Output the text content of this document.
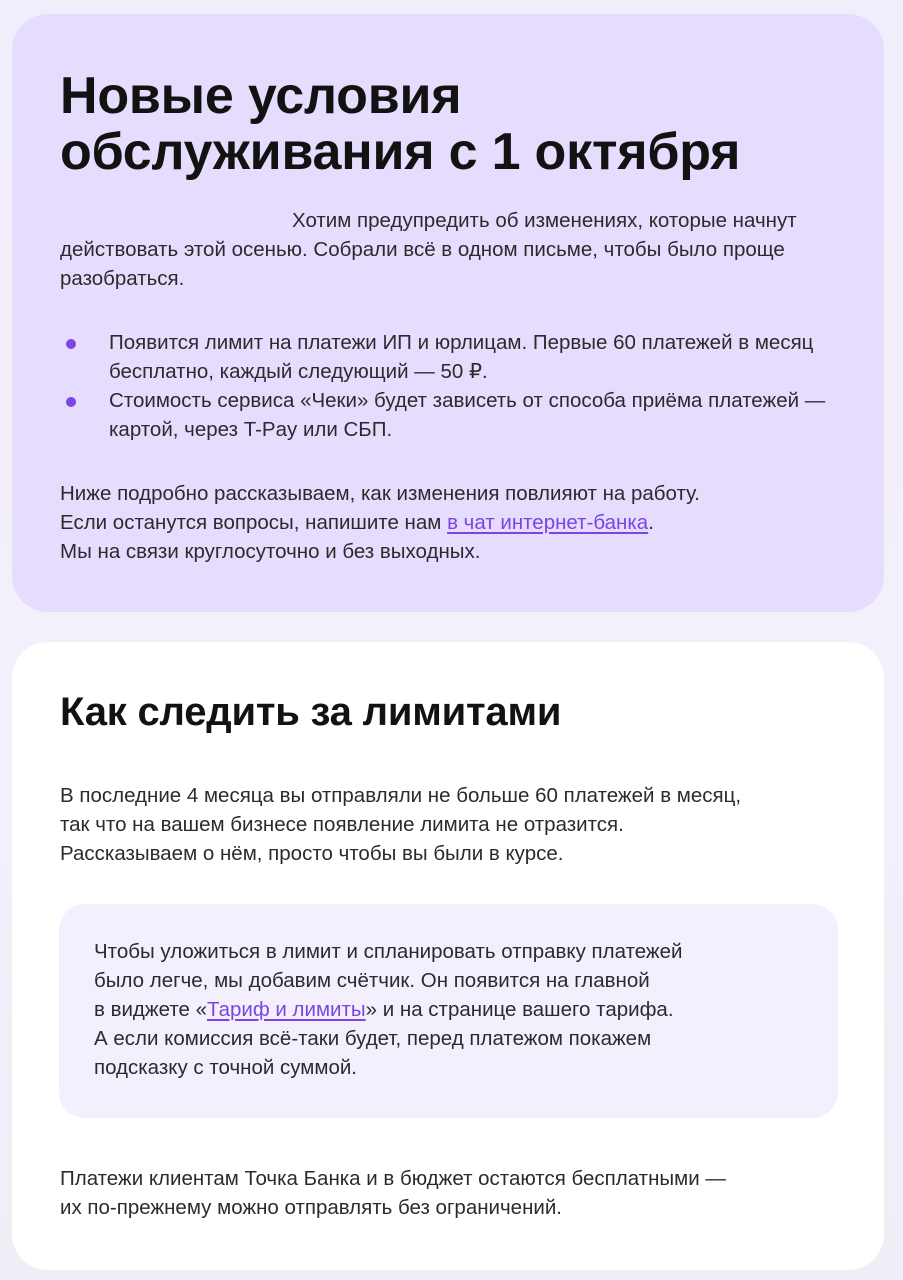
Новые условия обслуживания с 1 октября

Хотим предупредить об изменениях, которые начнут действовать этой осенью. Собрали всё в одном письме, чтобы было проще разобраться.

Появится лимит на платежи ИП и юрлицам. Первые 60 платежей в месяц бесплатно, каждый следующий — 50 ₽.
Стоимость сервиса «Чеки» будет зависеть от способа приёма платежей — картой, через T-Pay или СБП.

Ниже подробно рассказываем, как изменения повлияют на работу.
Если останутся вопросы, напишите нам в чат интернет-банка.
Мы на связи круглосуточно и без выходных.

Как следить за лимитами

В последние 4 месяца вы отправляли не больше 60 платежей в месяц,
так что на вашем бизнесе появление лимита не отразится.
Рассказываем о нём, просто чтобы вы были в курсе.

Чтобы уложиться в лимит и спланировать отправку платежей
было легче, мы добавим счётчик. Он появится на главной
в виджете «Тариф и лимиты» и на странице вашего тарифа.
А если комиссия всё-таки будет, перед платежом покажем
подсказку с точной суммой.

Платежи клиентам Точка Банка и в бюджет остаются бесплатными —
их по-прежнему можно отправлять без ограничений.
